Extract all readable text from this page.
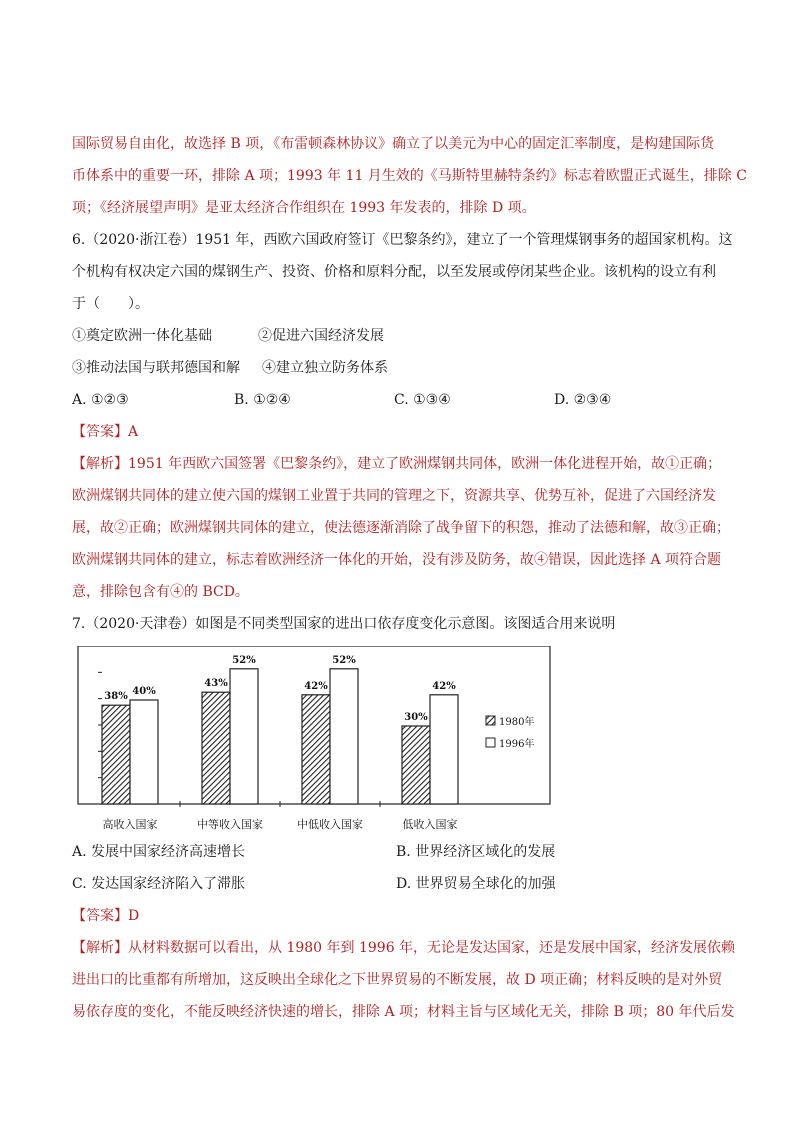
国际贸易自由化，故选择 B 项，《布雷顿森林协议》确立了以美元为中心的固定汇率制度，是构建国际货
币体系中的重要一环，排除 A 项；1993 年 11 月生效的《马斯特里赫特条约》标志着欧盟正式诞生，排除 C
项；《经济展望声明》是亚太经济合作组织在 1993 年发表的，排除 D 项。
6.（2020·浙江卷）1951 年，西欧六国政府签订《巴黎条约》，建立了一个管理煤钢事务的超国家机构。这
个机构有权决定六国的煤钢生产、投资、价格和原料分配，以至发展或停闭某些企业。该机构的设立有利
于（　　）。
①奠定欧洲一体化基础	②促进六国经济发展
③推动法国与联邦德国和解	④建立独立防务体系
A. ①②③	B. ①②④	C. ①③④	D. ②③④
【答案】A
【解析】1951 年西欧六国签署《巴黎条约》，建立了欧洲煤钢共同体，欧洲一体化进程开始，故①正确；
欧洲煤钢共同体的建立使六国的煤钢工业置于共同的管理之下，资源共享、优势互补，促进了六国经济发
展，故②正确；欧洲煤钢共同体的建立，使法德逐渐消除了战争留下的积怨，推动了法德和解，故③正确；
欧洲煤钢共同体的建立，标志着欧洲经济一体化的开始，没有涉及防务，故④错误，因此选择 A 项符合题
意，排除包含有④的 BCD。
7.（2020·天津卷）如图是不同类型国家的进出口依存度变化示意图。该图适合用来说明
38% 40%
高收入国家
43%
52%
中等收入国家
42%
52%
中低收入国家
30%
42%
低收入国家
1980年
1996年
A. 发展中国家经济高速增长	B. 世界经济区域化的发展
C. 发达国家经济陷入了滞胀	D. 世界贸易全球化的加强
【答案】D
【解析】从材料数据可以看出，从 1980 年到 1996 年，无论是发达国家，还是发展中国家，经济发展依赖
进出口的比重都有所增加，这反映出全球化之下世界贸易的不断发展，故 D 项正确；材料反映的是对外贸
易依存度的变化，不能反映经济快速的增长，排除 A 项；材料主旨与区域化无关，排除 B 项；80 年代后发
